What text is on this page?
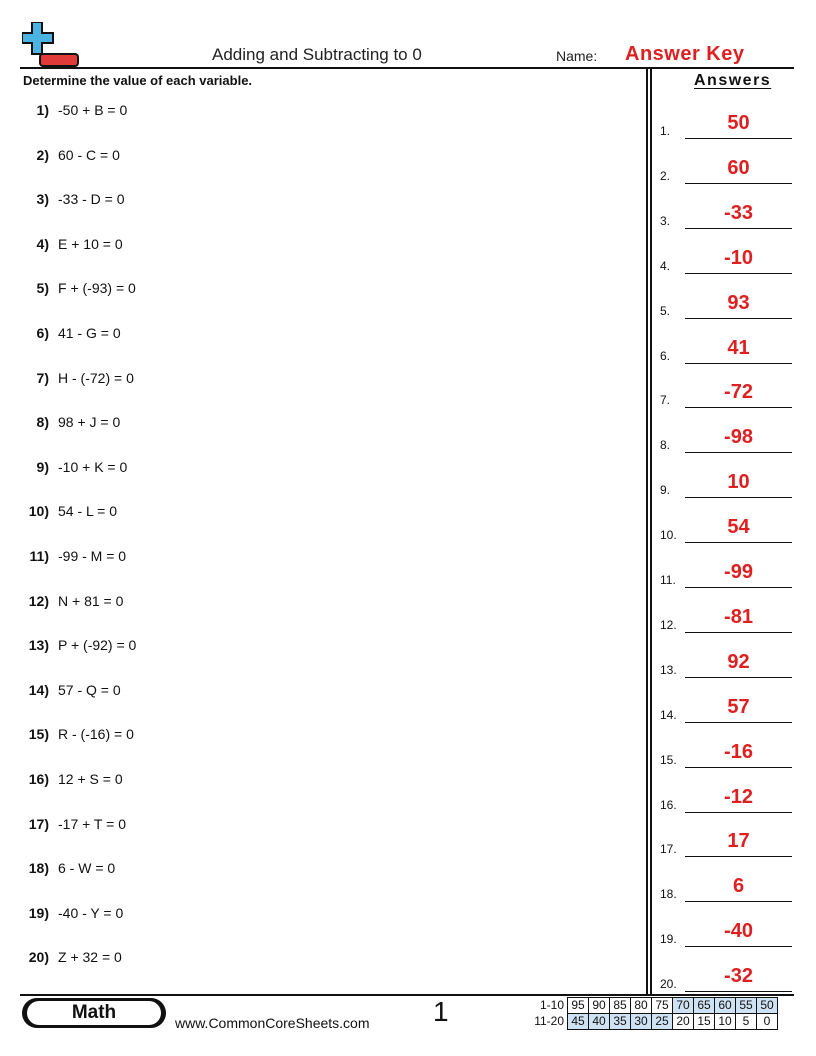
Adding and Subtracting to 0	Name: Answer Key
Determine the value of each variable.	Answers
1) -50 + B = 0
2) 60 - C = 0
3) -33 - D = 0
4) E + 10 = 0
5) F + (-93) = 0
6) 41 - G = 0
7) H - (-72) = 0
8) 98 + J = 0
9) -10 + K = 0
10) 54 - L = 0
11) -99 - M = 0
12) N + 81 = 0
13) P + (-92) = 0
14) 57 - Q = 0
15) R - (-16) = 0
16) 12 + S = 0
17) -17 + T = 0
18) 6 - W = 0
19) -40 - Y = 0
20) Z + 32 = 0
1.	50
2.	60
3.	-33
4.	-10
5.	93
6.	41
7.	-72
8.	-98
9.	10
10.	54
11.	-99
12.	-81
13.	92
14.	57
15.	-16
16.	-12
17.	17
18.	6
19.	-40
20.	-32
Math	www.CommonCoreSheets.com 1	1-10	95	90	85	80	75	70	65	60	55	50
11-20	45	40	35	30	25	20	15	10	5	0
